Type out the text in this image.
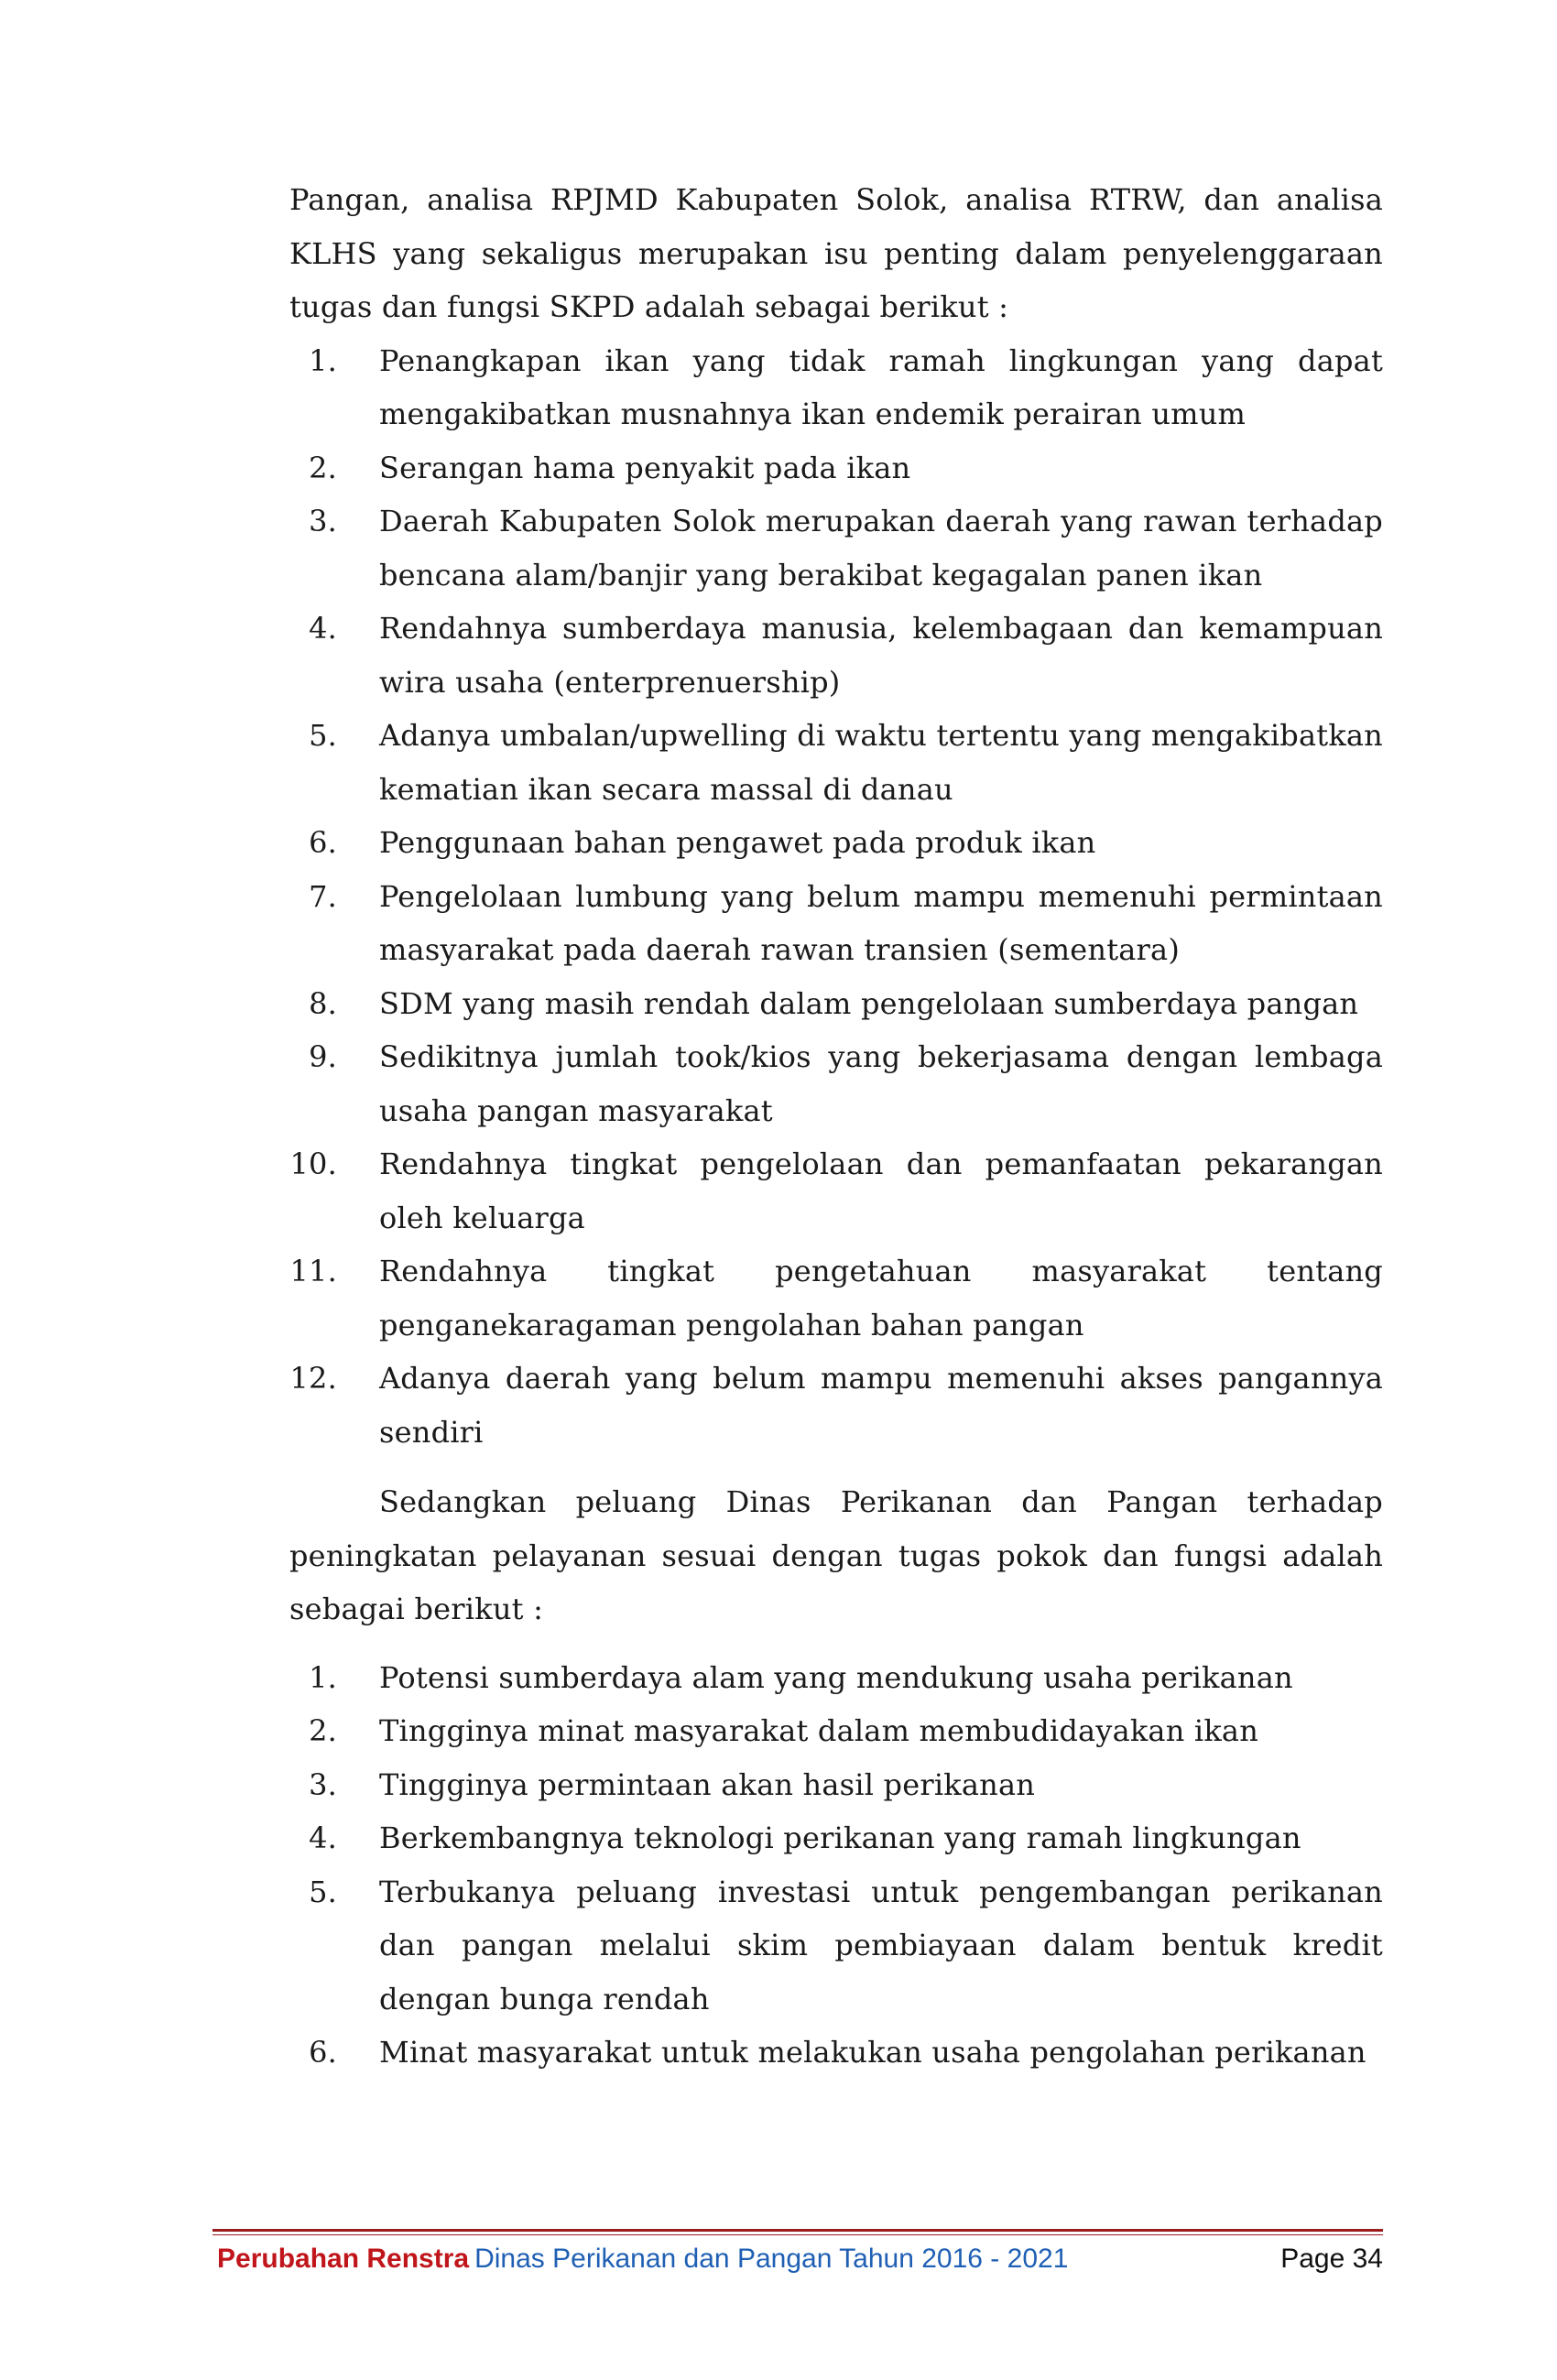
Pangan, analisa RPJMD Kabupaten Solok, analisa RTRW, dan analisa KLHS yang sekaligus merupakan isu penting dalam penyelenggaraan tugas dan fungsi SKPD adalah sebagai berikut :

1. Penangkapan ikan yang tidak ramah lingkungan yang dapat mengakibatkan musnahnya ikan endemik perairan umum
2. Serangan hama penyakit pada ikan
3. Daerah Kabupaten Solok merupakan daerah yang rawan terhadap bencana alam/banjir yang berakibat kegagalan panen ikan
4. Rendahnya sumberdaya manusia, kelembagaan dan kemampuan wira usaha (enterprenuership)
5. Adanya umbalan/upwelling di waktu tertentu yang mengakibatkan kematian ikan secara massal di danau
6. Penggunaan bahan pengawet pada produk ikan
7. Pengelolaan lumbung yang belum mampu memenuhi permintaan masyarakat pada daerah rawan transien (sementara)
8. SDM yang masih rendah dalam pengelolaan sumberdaya pangan
9. Sedikitnya jumlah took/kios yang bekerjasama dengan lembaga usaha pangan masyarakat
10. Rendahnya tingkat pengelolaan dan pemanfaatan pekarangan oleh keluarga
11. Rendahnya tingkat pengetahuan masyarakat tentang penganekaragaman pengolahan bahan pangan
12. Adanya daerah yang belum mampu memenuhi akses pangannya sendiri

Sedangkan peluang Dinas Perikanan dan Pangan terhadap peningkatan pelayanan sesuai dengan tugas pokok dan fungsi adalah sebagai berikut :

1. Potensi sumberdaya alam yang mendukung usaha perikanan
2. Tingginya minat masyarakat dalam membudidayakan ikan
3. Tingginya permintaan akan hasil perikanan
4. Berkembangnya teknologi perikanan yang ramah lingkungan
5. Terbukanya peluang investasi untuk pengembangan perikanan dan pangan melalui skim pembiayaan dalam bentuk kredit dengan bunga rendah
6. Minat masyarakat untuk melakukan usaha pengolahan perikanan
Perubahan Renstra Dinas Perikanan dan Pangan Tahun 2016 - 2021	Page 34
